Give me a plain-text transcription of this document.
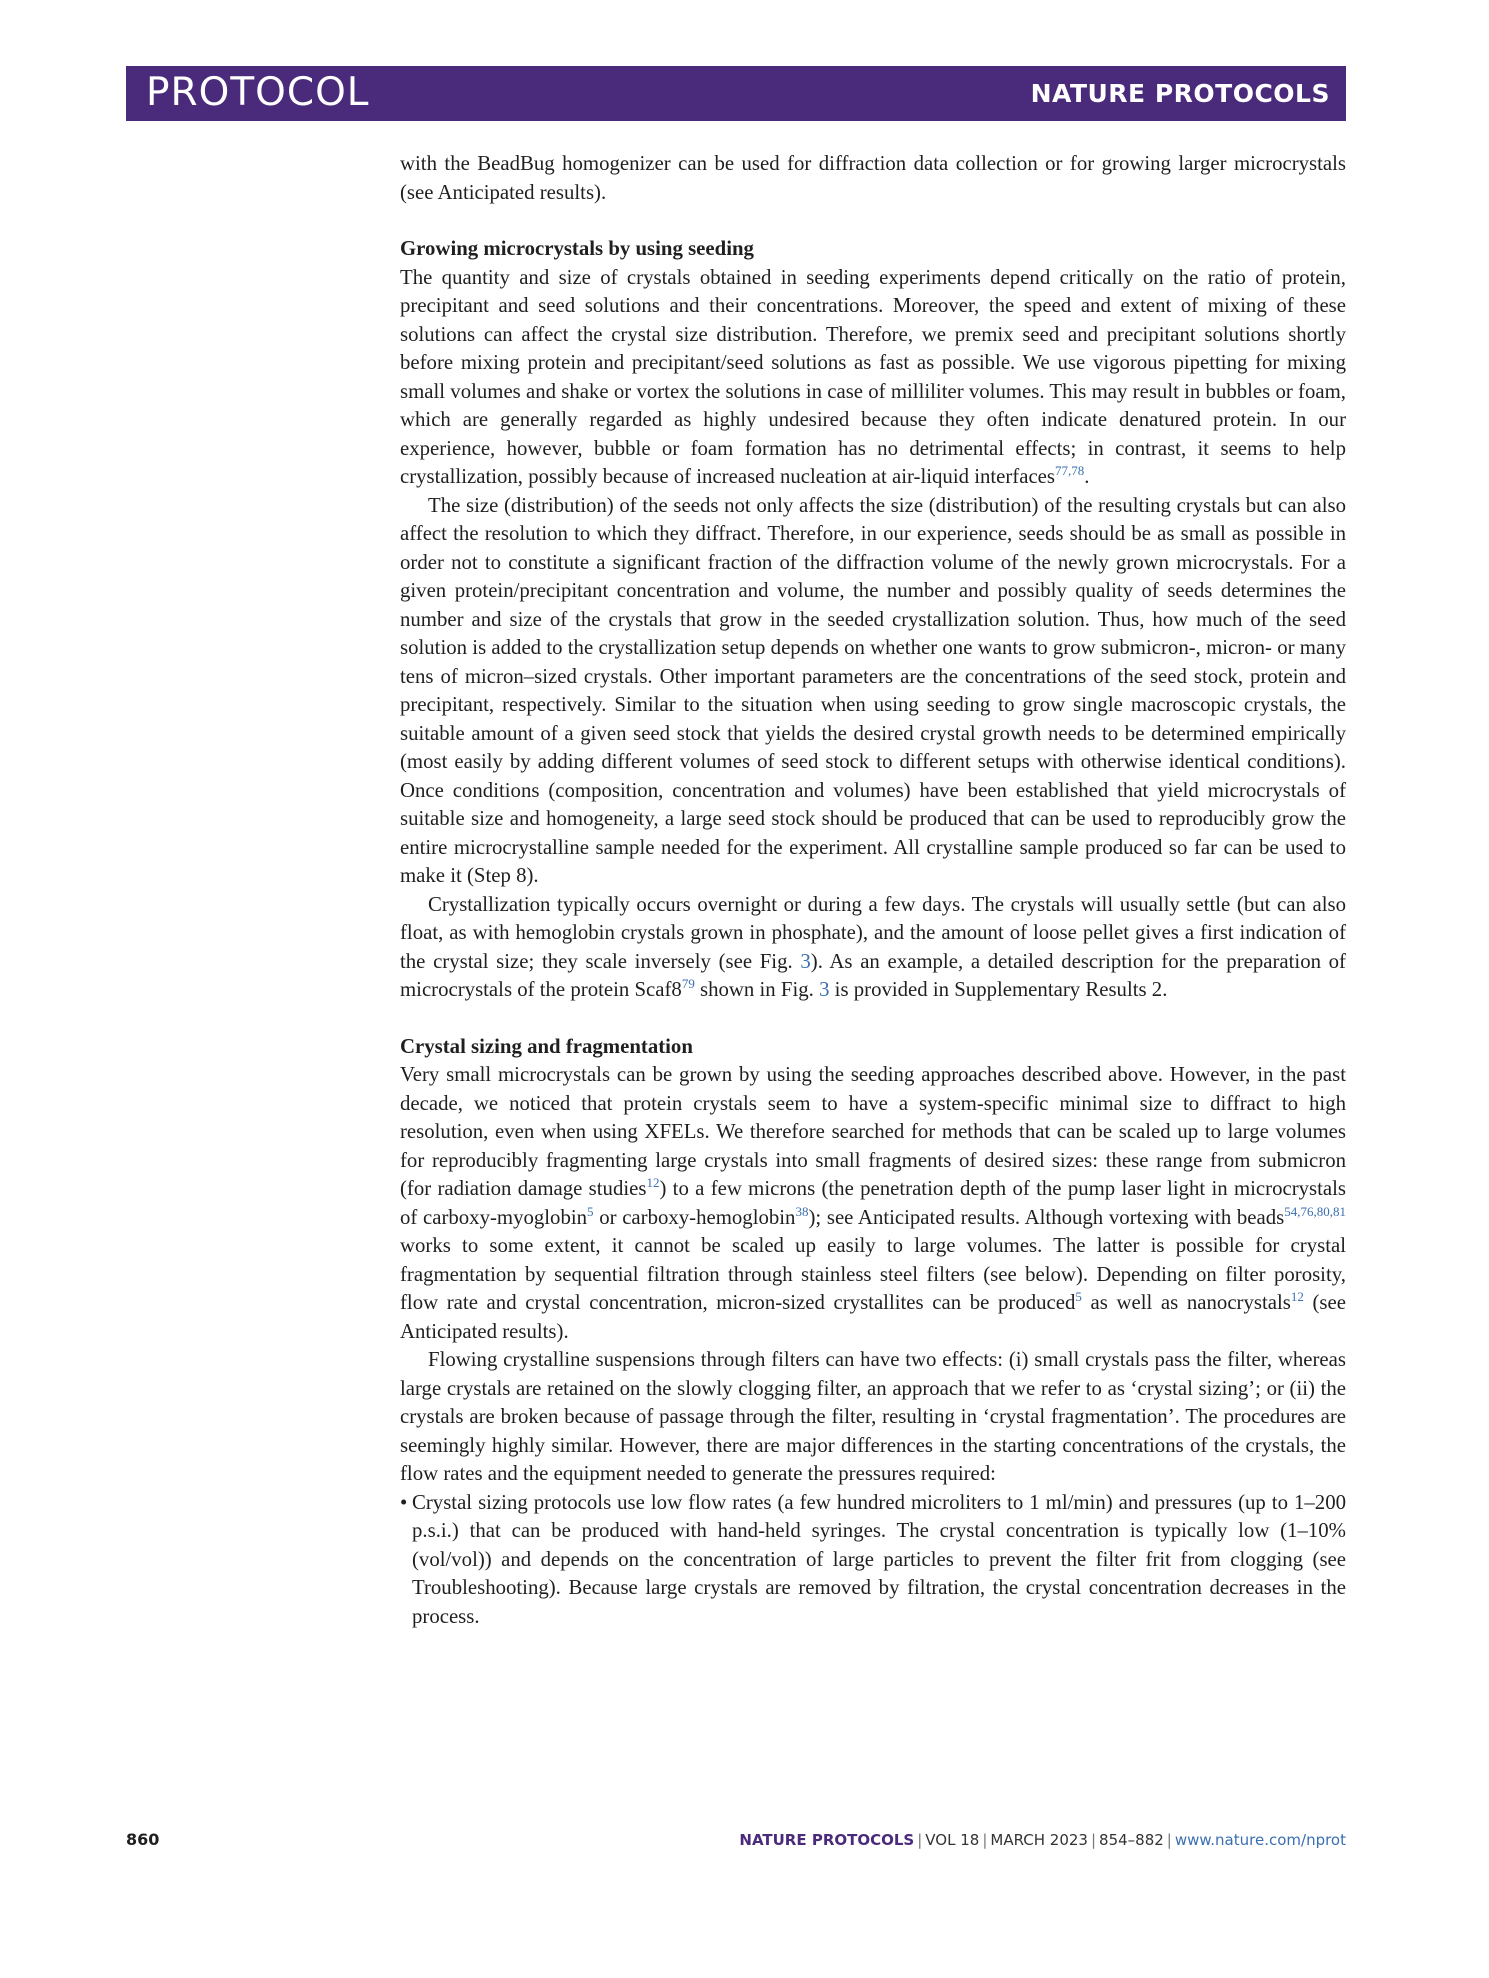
PROTOCOL	NATURE PROTOCOLS

with the BeadBug homogenizer can be used for diffraction data collection or for growing larger microcrystals (see Anticipated results).

Growing microcrystals by using seeding

The quantity and size of crystals obtained in seeding experiments depend critically on the ratio of protein, precipitant and seed solutions and their concentrations. Moreover, the speed and extent of mixing of these solutions can affect the crystal size distribution. Therefore, we premix seed and precipitant solutions shortly before mixing protein and precipitant/seed solutions as fast as possible. We use vigorous pipetting for mixing small volumes and shake or vortex the solutions in case of milliliter volumes. This may result in bubbles or foam, which are generally regarded as highly undesired because they often indicate denatured protein. In our experience, however, bubble or foam formation has no detrimental effects; in contrast, it seems to help crystallization, possibly because of increased nucleation at air-liquid interfaces$^{77,78}$.

The size (distribution) of the seeds not only affects the size (distribution) of the resulting crystals but can also affect the resolution to which they diffract. Therefore, in our experience, seeds should be as small as possible in order not to constitute a significant fraction of the diffraction volume of the newly grown microcrystals. For a given protein/precipitant concentration and volume, the number and possibly quality of seeds determines the number and size of the crystals that grow in the seeded crystallization solution. Thus, how much of the seed solution is added to the crystallization setup depends on whether one wants to grow submicron-, micron- or many tens of micron–sized crystals. Other important parameters are the concentrations of the seed stock, protein and precipitant, respectively. Similar to the situation when using seeding to grow single macroscopic crystals, the suitable amount of a given seed stock that yields the desired crystal growth needs to be determined empirically (most easily by adding different volumes of seed stock to different setups with otherwise identical conditions). Once conditions (composition, concentration and volumes) have been established that yield microcrystals of suitable size and homogeneity, a large seed stock should be produced that can be used to reproducibly grow the entire microcrystalline sample needed for the experiment. All crystalline sample produced so far can be used to make it (Step 8).

Crystallization typically occurs overnight or during a few days. The crystals will usually settle (but can also float, as with hemoglobin crystals grown in phosphate), and the amount of loose pellet gives a first indication of the crystal size; they scale inversely (see Fig. 3). As an example, a detailed description for the preparation of microcrystals of the protein Scaf8$^{79}$ shown in Fig. 3 is provided in Supplementary Results 2.

Crystal sizing and fragmentation

Very small microcrystals can be grown by using the seeding approaches described above. However, in the past decade, we noticed that protein crystals seem to have a system-specific minimal size to diffract to high resolution, even when using XFELs. We therefore searched for methods that can be scaled up to large volumes for reproducibly fragmenting large crystals into small fragments of desired sizes: these range from submicron (for radiation damage studies$^{12}$) to a few microns (the penetration depth of the pump laser light in microcrystals of carboxy-myoglobin$^5$ or carboxy-hemoglobin$^{38}$); see Anticipated results. Although vortexing with beads$^{54,76,80,81}$ works to some extent, it cannot be scaled up easily to large volumes. The latter is possible for crystal fragmentation by sequential filtration through stainless steel filters (see below). Depending on filter porosity, flow rate and crystal concentration, micron-sized crystallites can be produced$^5$ as well as nanocrystals$^{12}$ (see Anticipated results).

Flowing crystalline suspensions through filters can have two effects: (i) small crystals pass the filter, whereas large crystals are retained on the slowly clogging filter, an approach that we refer to as ‘crystal sizing’; or (ii) the crystals are broken because of passage through the filter, resulting in ‘crystal fragmentation’. The procedures are seemingly highly similar. However, there are major differences in the starting concentrations of the crystals, the flow rates and the equipment needed to generate the pressures required:

• Crystal sizing protocols use low flow rates (a few hundred microliters to 1 ml/min) and pressures (up to 1–200 p.s.i.) that can be produced with hand-held syringes. The crystal concentration is typically low (1–10% (vol/vol)) and depends on the concentration of large particles to prevent the filter frit from clogging (see Troubleshooting). Because large crystals are removed by filtration, the crystal concentration decreases in the process.
860	NATURE PROTOCOLS | VOL 18 | MARCH 2023 | 854–882 | www.nature.com/nprot
